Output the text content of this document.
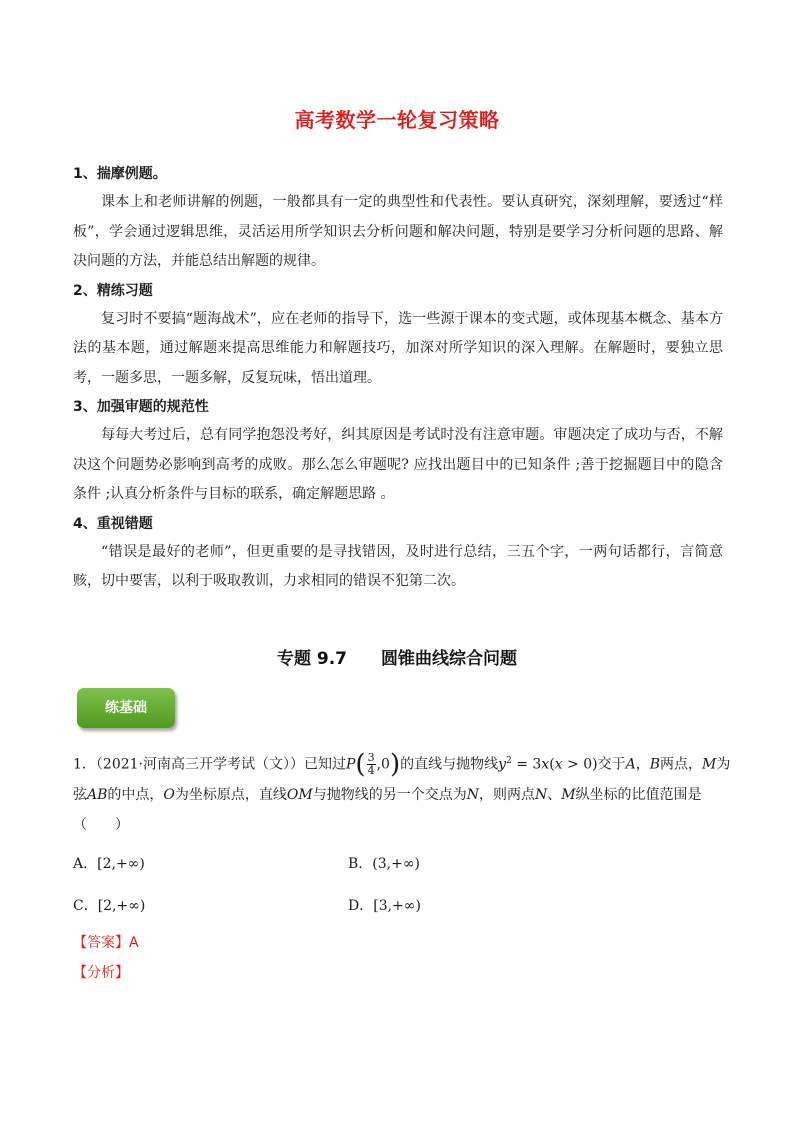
高考数学一轮复习策略
1、揣摩例题。
课本上和老师讲解的例题，一般都具有一定的典型性和代表性。要认真研究，深刻理解，要透过“样板”，学会通过逻辑思维，灵活运用所学知识去分析问题和解决问题，特别是要学习分析问题的思路、解决问题的方法，并能总结出解题的规律。
2、精练习题
复习时不要搞“题海战术”，应在老师的指导下，选一些源于课本的变式题，或体现基本概念、基本方法的基本题，通过解题来提高思维能力和解题技巧，加深对所学知识的深入理解。在解题时，要独立思考，一题多思，一题多解，反复玩味，悟出道理。
3、加强审题的规范性
每每大考过后，总有同学抱怨没考好，纠其原因是考试时没有注意审题。审题决定了成功与否，不解决这个问题势必影响到高考的成败。那么怎么审题呢? 应找出题目中的已知条件 ;善于挖掘题目中的隐含条件 ;认真分析条件与目标的联系，确定解题思路 。
4、重视错题
“错误是最好的老师”，但更重要的是寻找错因，及时进行总结，三五个字，一两句话都行，言简意赅，切中要害，以利于吸取教训，力求相同的错误不犯第二次。
专题 9.7 圆锥曲线综合问题
练基础
1．（2021·河南高三开学考试（文））已知过$P( \frac{3}{4} ,0)$的直线与抛物线$y^2 = 3x(x > 0)$交于A，B两点，M为
弦AB的中点，O为坐标原点，直线OM与抛物线的另一个交点为N，则两点N、M纵坐标的比值范围是
（　　）
A．[2,+∞)	B．(3,+∞)
C．[2,+∞)	D．[3,+∞)
【答案】A
【分析】
